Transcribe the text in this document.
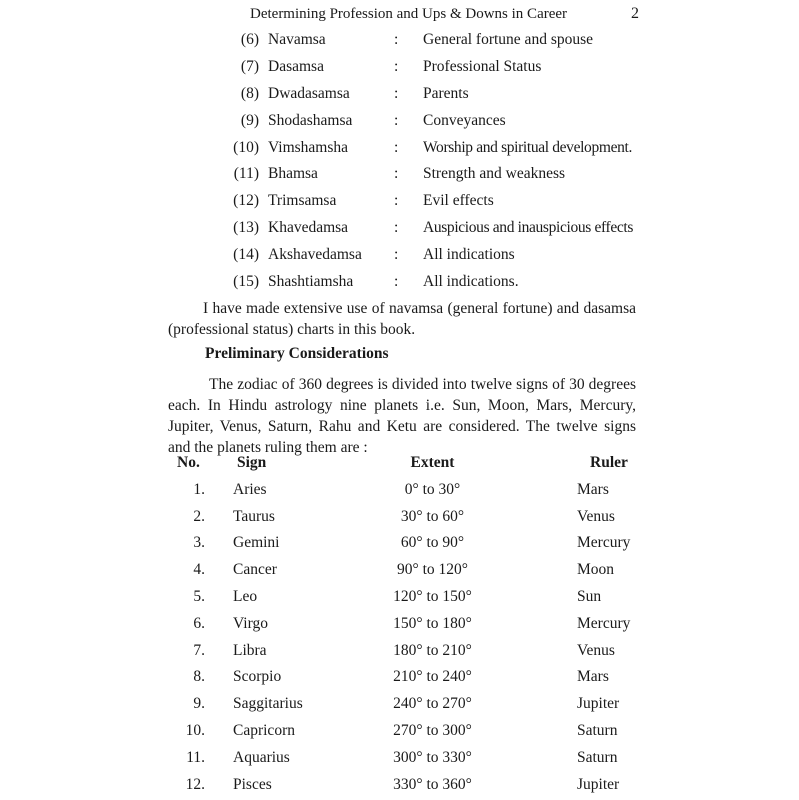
Determining Profession and Ups & Downs in Career	2
(6) Navamsa	: General fortune and spouse
(7) Dasamsa	: Professional Status
(8) Dwadasamsa	: Parents
(9) Shodashamsa	: Conveyances
(10) Vimshamsha	: Worship and spiritual development.
(11) Bhamsa	: Strength and weakness
(12) Trimsamsa	: Evil effects
(13) Khavedamsa	: Auspicious and inauspicious effects
(14) Akshavedamsa : All indications
(15) Shashtiamsha	: All indications.

I have made extensive use of navamsa (general fortune) and dasamsa (professional status) charts in this book.

Preliminary Considerations

The zodiac of 360 degrees is divided into twelve signs of 30 degrees each. In Hindu astrology nine planets i.e. Sun, Moon, Mars, Mercury, Jupiter, Venus, Saturn, Rahu and Ketu are considered. The twelve signs and the planets ruling them are :

No. Sign	Extent	Ruler
1. Aries	0° to 30°	Mars
2. Taurus	30° to 60°	Venus
3. Gemini	60° to 90°	Mercury
4. Cancer	90° to 120°	Moon
5. Leo	120° to 150°	Sun
6. Virgo	150° to 180°	Mercury
7. Libra	180° to 210°	Venus
8. Scorpio	210° to 240°	Mars
9. Saggitarius	240° to 270°	Jupiter
10. Capricorn	270° to 300°	Saturn
11. Aquarius	300° to 330°	Saturn
12. Pisces	330° to 360°	Jupiter
